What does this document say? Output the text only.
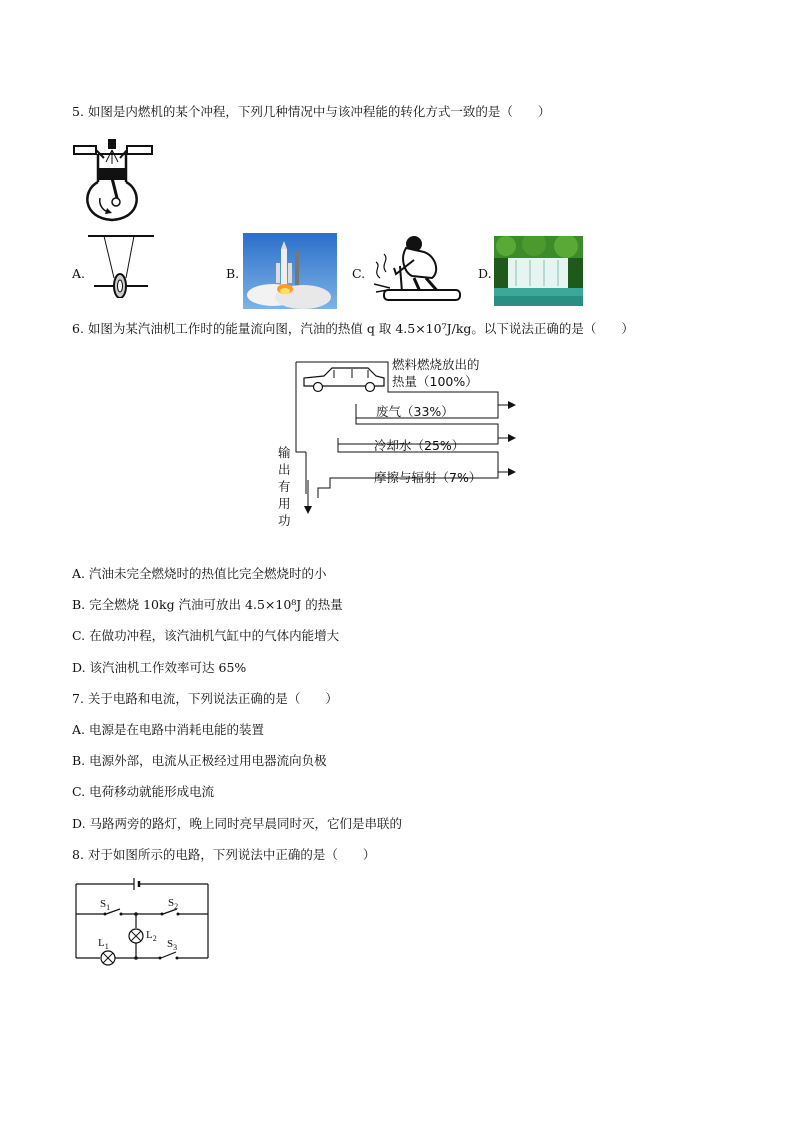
5. 如图是内燃机的某个冲程，下列几种情况中与该冲程能的转化方式一致的是（　　）
A.	B.	C.	D.
6. 如图为某汽油机工作时的能量流向图，汽油的热值 q 取 4.5×10⁷J/kg。以下说法正确的是（　　）
燃料燃烧放出的
热量（100%）
废气（33%）
冷却水（25%）
摩擦与辐射（7%）
输
出
有
用
功
A. 汽油未完全燃烧时的热值比完全燃烧时的小
B. 完全燃烧 10kg 汽油可放出 4.5×10⁸J 的热量
C. 在做功冲程，该汽油机气缸中的气体内能增大
D. 该汽油机工作效率可达 65%
7. 关于电路和电流，下列说法正确的是（　　）
A. 电源是在电路中消耗电能的装置
B. 电源外部，电流从正极经过用电器流向负极
C. 电荷移动就能形成电流
D. 马路两旁的路灯，晚上同时亮早晨同时灭，它们是串联的
8. 对于如图所示的电路，下列说法中正确的是（　　）
$S_1$	$S_2$
$S_3$
$L_1$
$L_2$
